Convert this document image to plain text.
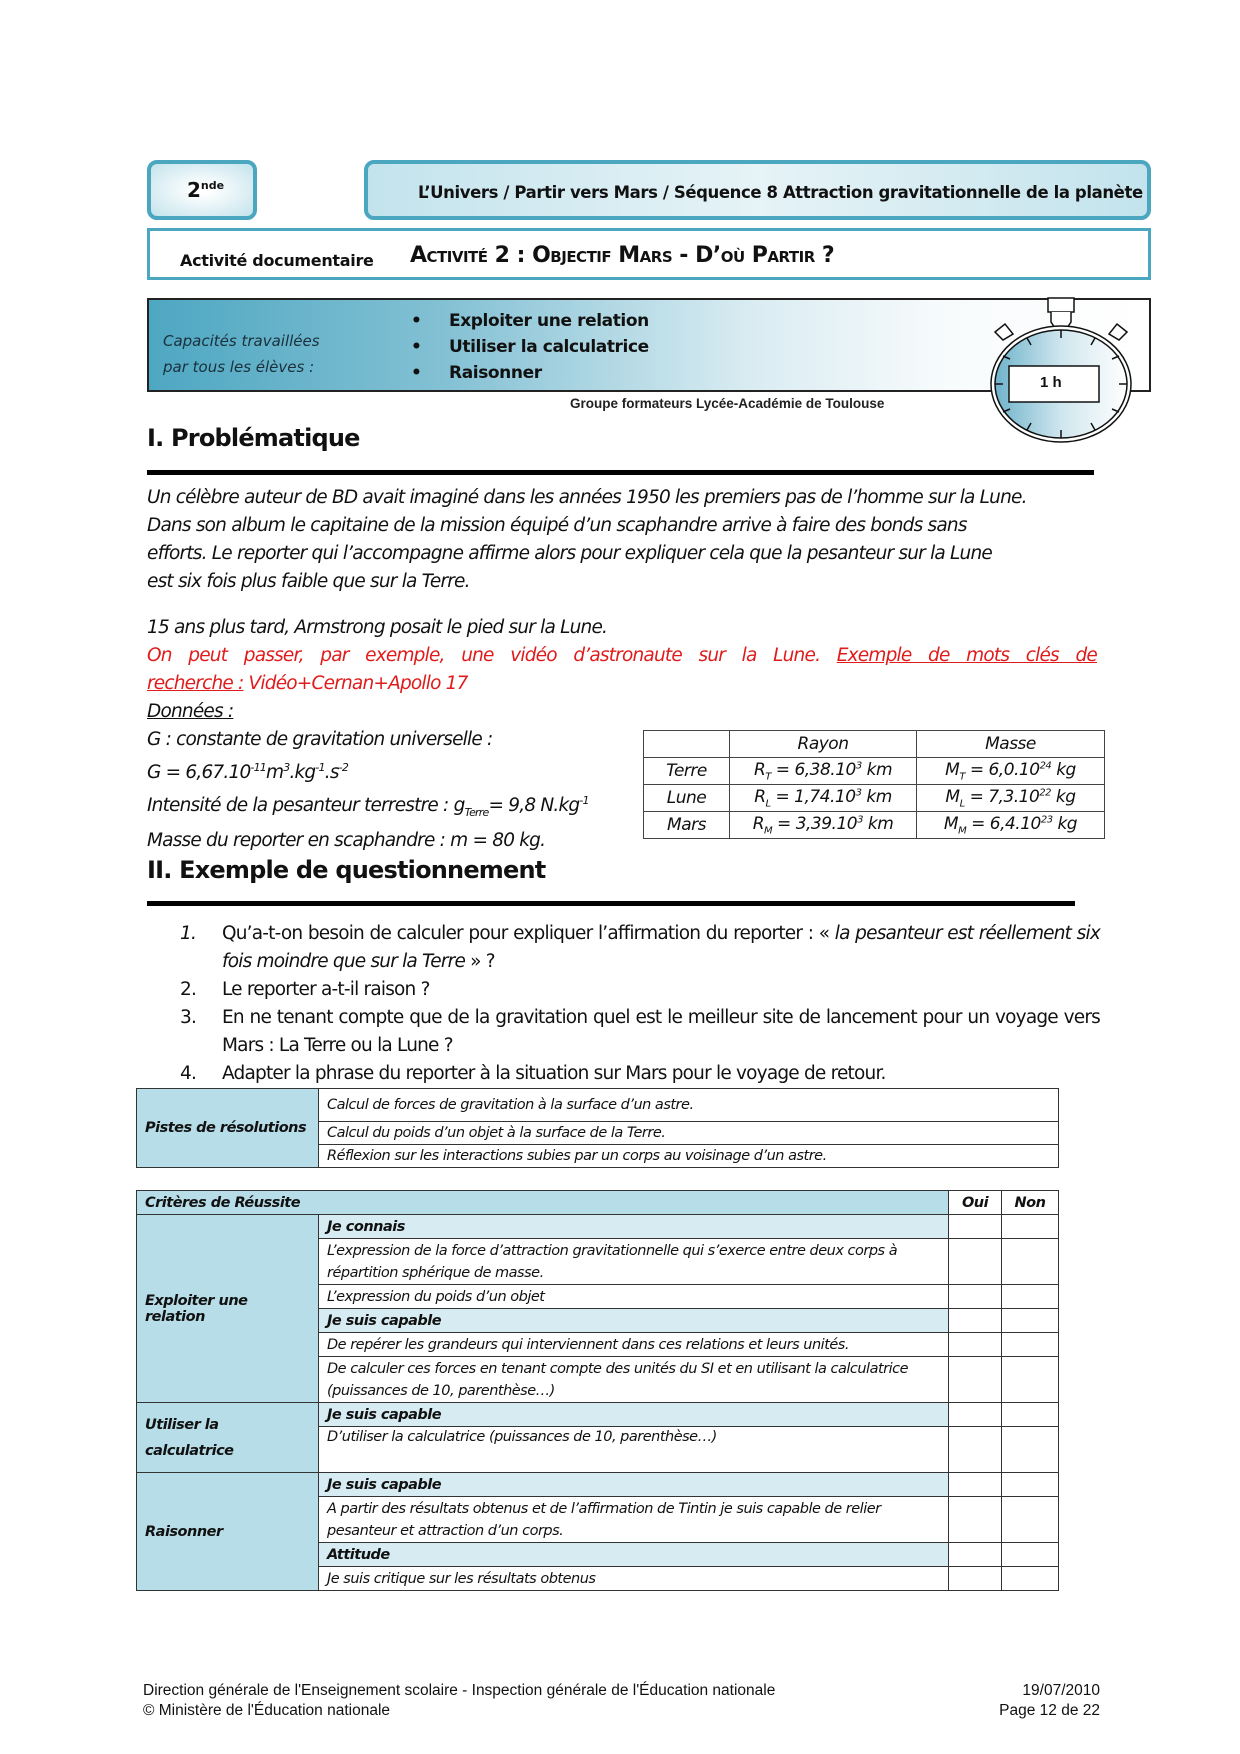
2nde	L’Univers / Partir vers Mars / Séquence 8 Attraction gravitationnelle de la planète
Activité documentaire Activité 2 : Objectif Mars - D’où Partir ?
Capacités travaillées
par tous les élèves :
• Exploiter une relation
• Utiliser la calculatrice
• Raisonner
Groupe formateurs Lycée-Académie de Toulouse
1 h
I. Problématique
Un célèbre auteur de BD avait imaginé dans les années 1950 les premiers pas de l’homme sur la Lune.
Dans son album le capitaine de la mission équipé d’un scaphandre arrive à faire des bonds sans
efforts. Le reporter qui l’accompagne affirme alors pour expliquer cela que la pesanteur sur la Lune
est six fois plus faible que sur la Terre.
15 ans plus tard, Armstrong posait le pied sur la Lune.
On peut passer, par exemple, une vidéo d’astronaute sur la Lune. Exemple de mots clés de
recherche : Vidéo+Cernan+Apollo 17
Données :
G : constante de gravitation universelle :
$G = 6,67.10^{-11}m^3.kg^{-1}.s^{-2}$
Intensité de la pesanteur terrestre : $g_{Terre}= 9,8$ $N.kg^{-1}$
Masse du reporter en scaphandre : m = 80 kg.
	Rayon	Masse
Terre	$R_T = 6,38.10^3$ km	$M_T = 6,0.10^{24}$ kg
Lune	$R_L = 1,74.10^3$ km	$M_L = 7,3.10^{22}$ kg
Mars	$R_M = 3,39.10^3$ km	$M_M = 6,4.10^{23}$ kg
II. Exemple de questionnement
1.	Qu’a-t-on besoin de calculer pour expliquer l’affirmation du reporter : « la pesanteur est réellement six fois moindre que sur la Terre » ?
2.	Le reporter a-t-il raison ?
3.	En ne tenant compte que de la gravitation quel est le meilleur site de lancement pour un voyage vers Mars : La Terre ou la Lune ?
4.	Adapter la phrase du reporter à la situation sur Mars pour le voyage de retour.
Pistes de résolutions	Calcul de forces de gravitation à la surface d’un astre.
Calcul du poids d’un objet à la surface de la Terre.
Réflexion sur les interactions subies par un corps au voisinage d’un astre.
Critères de Réussite		Oui	Non
Exploiter une relation	Je connais		
	L’expression de la force d’attraction gravitationnelle qui s’exerce entre deux corps à répartition sphérique de masse.		
	L’expression du poids d’un objet		
	Je suis capable		
	De repérer les grandeurs qui interviennent dans ces relations et leurs unités.		
	De calculer ces forces en tenant compte des unités du SI et en utilisant la calculatrice (puissances de 10, parenthèse…)		

Utiliser la calculatrice	Je suis capable		
	D’utiliser la calculatrice (puissances de 10, parenthèse…)		
Raisonner	Je suis capable		
	A partir des résultats obtenus et de l’affirmation de Tintin je suis capable de relier pesanteur et attraction d’un corps.		
	Attitude		
	Je suis critique sur les résultats obtenus		
Direction générale de l'Enseignement scolaire - Inspection générale de l'Éducation nationale
© Ministère de l'Éducation nationale
19/07/2010
Page 12 de 22
